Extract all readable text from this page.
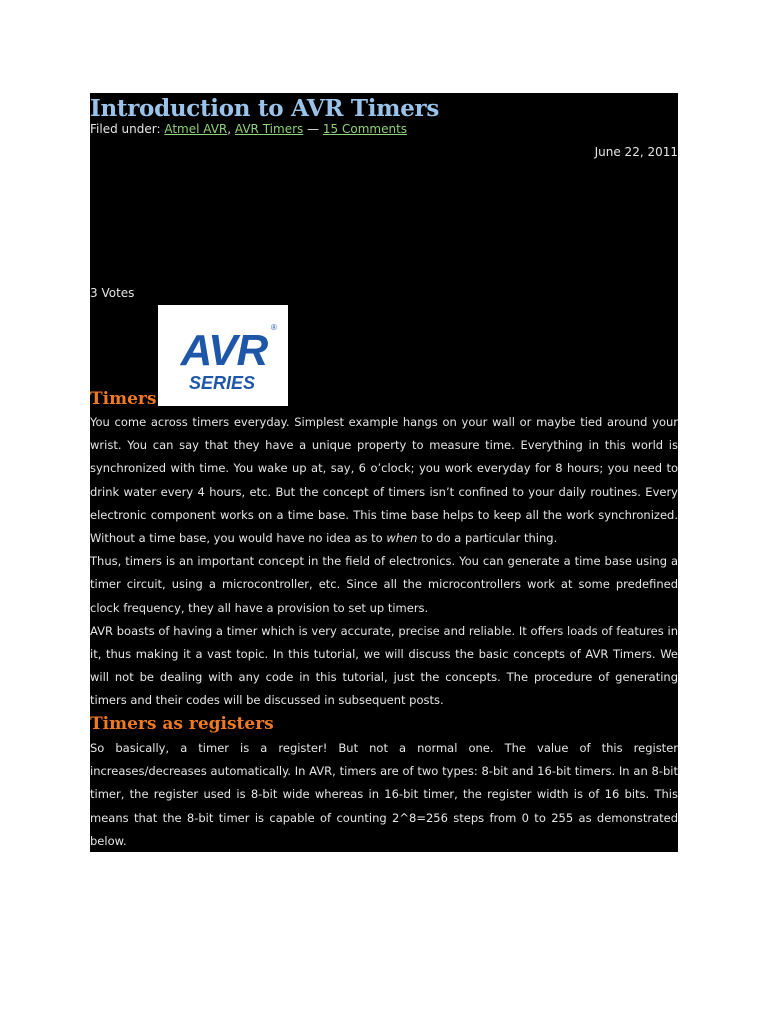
Introduction to AVR Timers
Filed under: Atmel AVR, AVR Timers — 15 Comments
June 22, 2011
3 Votes
AVR ®
SERIES
Timers

You come across timers everyday. Simplest example hangs on your wall or maybe tied around your wrist. You can say that they have a unique property to measure time. Everything in this world is synchronized with time. You wake up at, say, 6 o’clock; you work everyday for 8 hours; you need to drink water every 4 hours, etc. But the concept of timers isn’t confined to your daily routines. Every electronic component works on a time base. This time base helps to keep all the work synchronized. Without a time base, you would have no idea as to when to do a particular thing.

Thus, timers is an important concept in the field of electronics. You can generate a time base using a timer circuit, using a microcontroller, etc. Since all the microcontrollers work at some predefined clock frequency, they all have a provision to set up timers.

AVR boasts of having a timer which is very accurate, precise and reliable. It offers loads of features in it, thus making it a vast topic. In this tutorial, we will discuss the basic concepts of AVR Timers. We will not be dealing with any code in this tutorial, just the concepts. The procedure of generating timers and their codes will be discussed in subsequent posts.

Timers as registers

So basically, a timer is a register! But not a normal one. The value of this register increases/decreases automatically. In AVR, timers are of two types: 8-bit and 16-bit timers. In an 8-bit timer, the register used is 8-bit wide whereas in 16-bit timer, the register width is of 16 bits. This means that the 8-bit timer is capable of counting 2^8=256 steps from 0 to 255 as demonstrated below.
